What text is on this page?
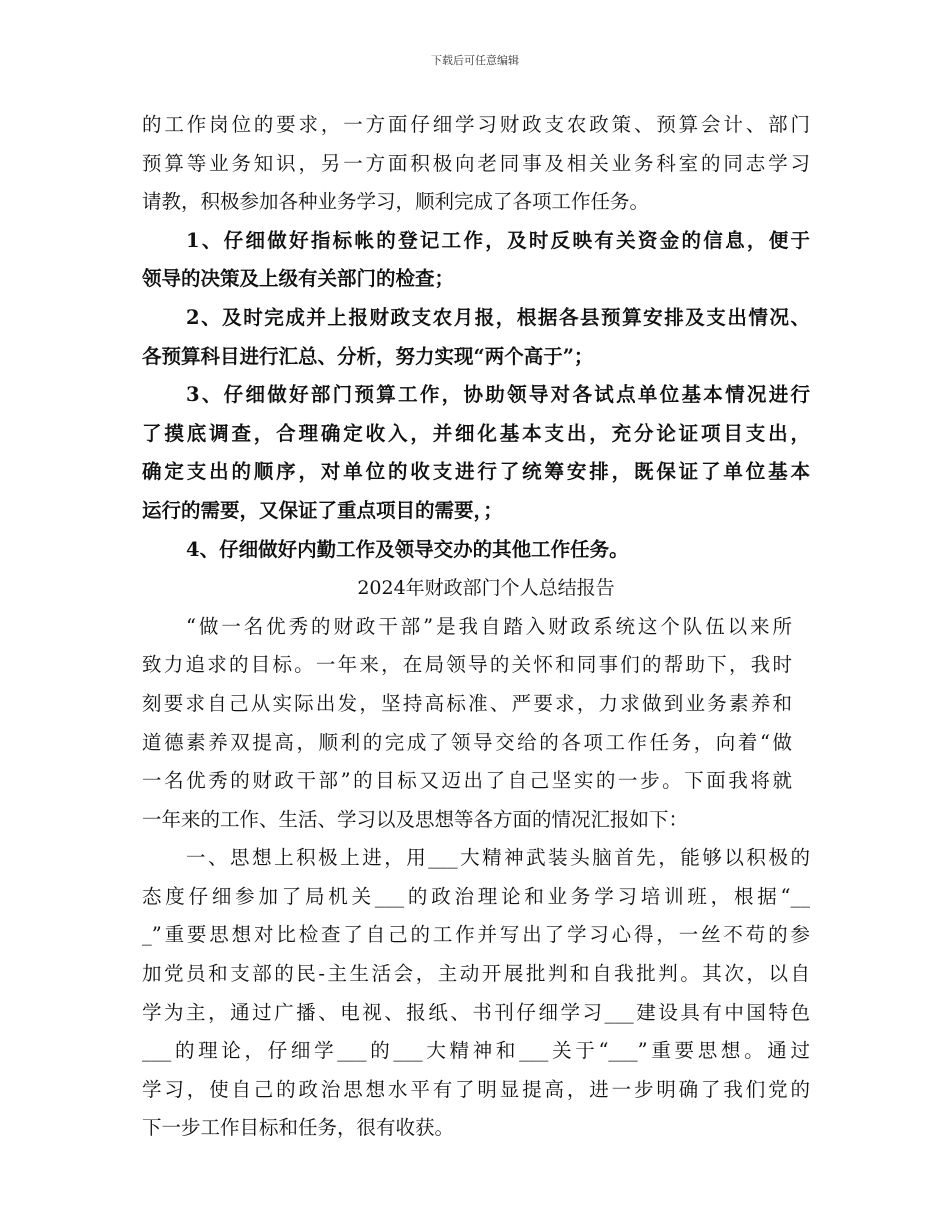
下载后可任意编辑
的工作岗位的要求，一方面仔细学习财政支农政策、预算会计、部门
预算等业务知识，另一方面积极向老同事及相关业务科室的同志学习
请教，积极参加各种业务学习，顺利完成了各项工作任务。
1、仔细做好指标帐的登记工作，及时反映有关资金的信息，便于
领导的决策及上级有关部门的检查；
2、及时完成并上报财政支农月报，根据各县预算安排及支出情况、
各预算科目进行汇总、分析，努力实现“两个高于”；
3、仔细做好部门预算工作，协助领导对各试点单位基本情况进行
了摸底调查，合理确定收入，并细化基本支出，充分论证项目支出，
确定支出的顺序，对单位的收支进行了统筹安排，既保证了单位基本
运行的需要，又保证了重点项目的需要，；
4、仔细做好内勤工作及领导交办的其他工作任务。
2024年财政部门个人总结报告
“做一名优秀的财政干部”是我自踏入财政系统这个队伍以来所
致力追求的目标。一年来，在局领导的关怀和同事们的帮助下，我时
刻要求自己从实际出发，坚持高标准、严要求，力求做到业务素养和
道德素养双提高，顺利的完成了领导交给的各项工作任务，向着“做
一名优秀的财政干部”的目标又迈出了自己坚实的一步。下面我将就
一年来的工作、生活、学习以及思想等各方面的情况汇报如下：
一、思想上积极上进，用___大精神武装头脑首先，能够以积极的
态度仔细参加了局机关___的政治理论和业务学习培训班，根据“__
_”重要思想对比检查了自己的工作并写出了学习心得，一丝不苟的参
加党员和支部的民-主生活会，主动开展批判和自我批判。其次，以自
学为主，通过广播、电视、报纸、书刊仔细学习___建设具有中国特色
___的理论，仔细学___的___大精神和___关于“___”重要思想。通过
学习，使自己的政治思想水平有了明显提高，进一步明确了我们党的
下一步工作目标和任务，很有收获。
